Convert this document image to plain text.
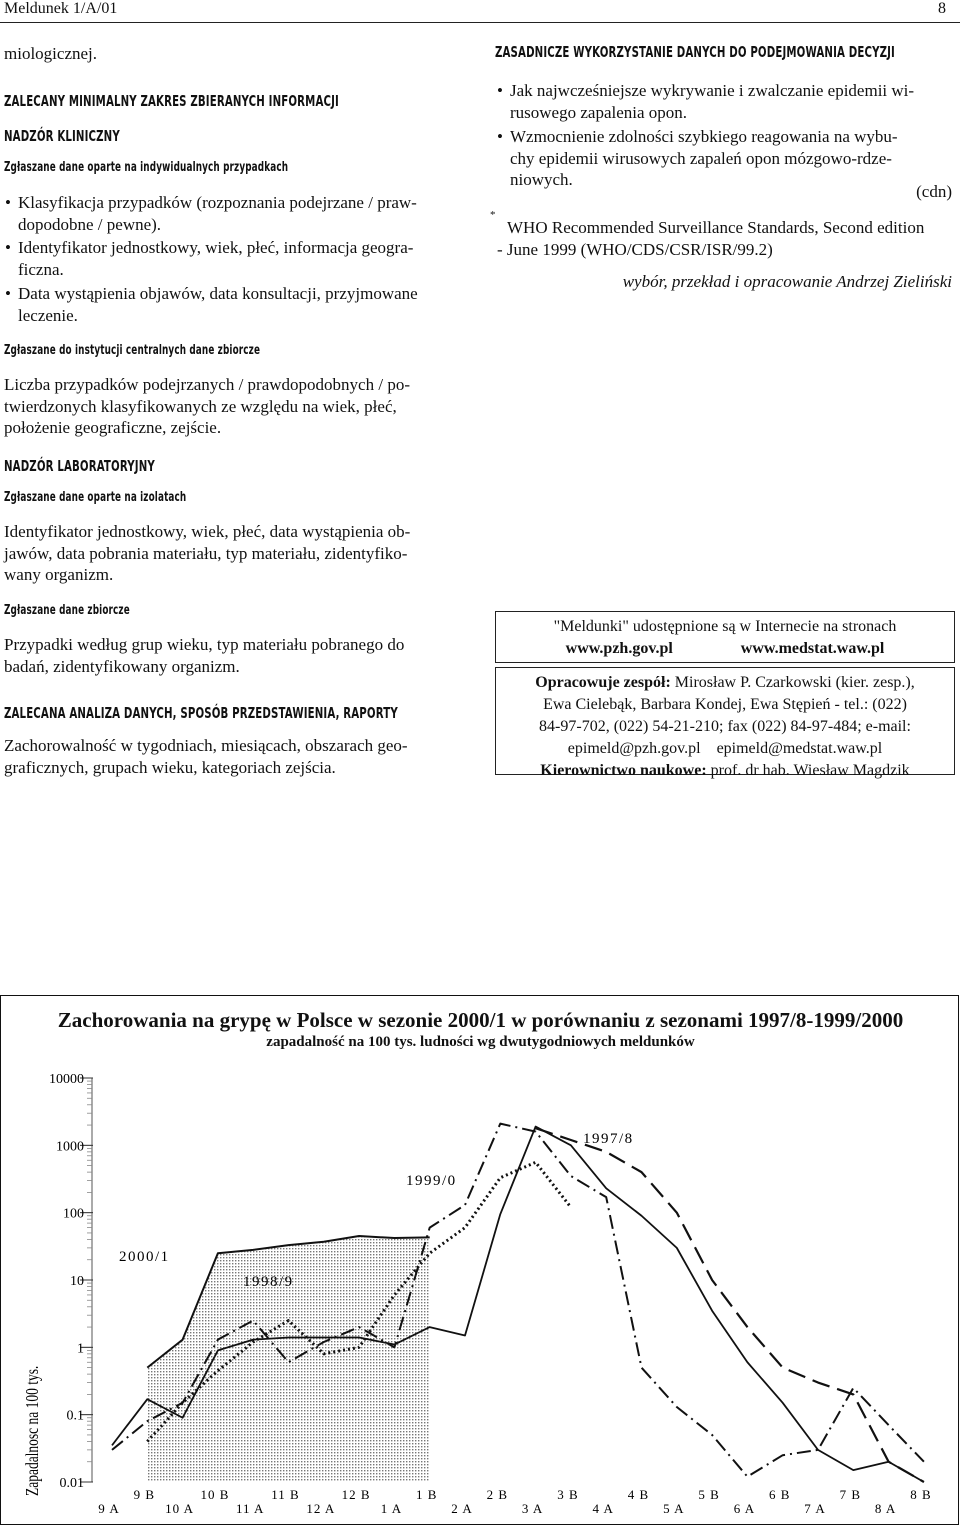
Meldunek 1/A/01	8
miologicznej.
ZALECANY MINIMALNY ZAKRES ZBIERANYCH INFORMACJI
NADZÓR KLINICZNY
Zgłaszane dane oparte na indywidualnych przypadkach
• Klasyfikacja przypadków (rozpoznania podejrzane / praw-
dopodobne / pewne).
• Identyfikator jednostkowy, wiek, płeć, informacja geogra-
ficzna.
• Data wystąpienia objawów, data konsultacji, przyjmowane
leczenie.
Zgłaszane do instytucji centralnych dane zbiorcze
Liczba przypadków podejrzanych / prawdopodobnych / po-
twierdzonych klasyfikowanych ze względu na wiek, płeć,
położenie geograficzne, zejście.
NADZÓR LABORATORYJNY
Zgłaszane dane oparte na izolatach
Identyfikator jednostkowy, wiek, płeć, data wystąpienia ob-
jawów, data pobrania materiału, typ materiału, zidentyfiko-
wany organizm.
Zgłaszane dane zbiorcze
Przypadki według grup wieku, typ materiału pobranego do
badań, zidentyfikowany organizm.
ZALECANA ANALIZA DANYCH, SPOSÓB PRZEDSTAWIENIA, RAPORTY
Zachorowalność w tygodniach, miesiącach, obszarach geo-
graficznych, grupach wieku, kategoriach zejścia.
ZASADNICZE WYKORZYSTANIE DANYCH DO PODEJMOWANIA DECYZJI
• Jak najwcześniejsze wykrywanie i zwalczanie epidemii wi-
rusowego zapalenia opon.
• Wzmocnienie zdolności szybkiego reagowania na wybu-
chy epidemii wirusowych zapaleń opon mózgowo-rdze-
niowych.
(cdn)
*
WHO Recommended Surveillance Standards, Second edition
- June 1999 (WHO/CDS/CSR/ISR/99.2)
wybór, przekład i opracowanie Andrzej Zieliński
"Meldunki" udostępnione są w Internecie na stronach
www.pzh.gov.pl	www.medstat.waw.pl
Opracowuje zespół: Mirosław P. Czarkowski (kier. zesp.),
Ewa Cielebąk, Barbara Kondej, Ewa Stępień - tel.: (022)
84-97-702, (022) 54-21-210; fax (022) 84-97-484; e-mail:
epimeld@pzh.gov.pl    epimeld@medstat.waw.pl
Kierownictwo naukowe: prof. dr hab. Wiesław Magdzik
Zachorowania na grypę w Polsce w sezonie 2000/1 w porównaniu z sezonami 1997/8-1999/2000
zapadalność na 100 tys. ludności wg dwutygodniowych meldunków
10000
1000
100
10
1
0.1
0.01
Zapadalnosc na 100 tys.
9 A
9 B
10 A
10 B
11 A
11 B
12 A
12 B
1 A
1 B
2 A
2 B
3 A
3 B
4 A
4 B
5 A
5 B
6 A
6 B
7 A
7 B
8 A
8 B
2000/1
1998/9
1999/0
1997/8
